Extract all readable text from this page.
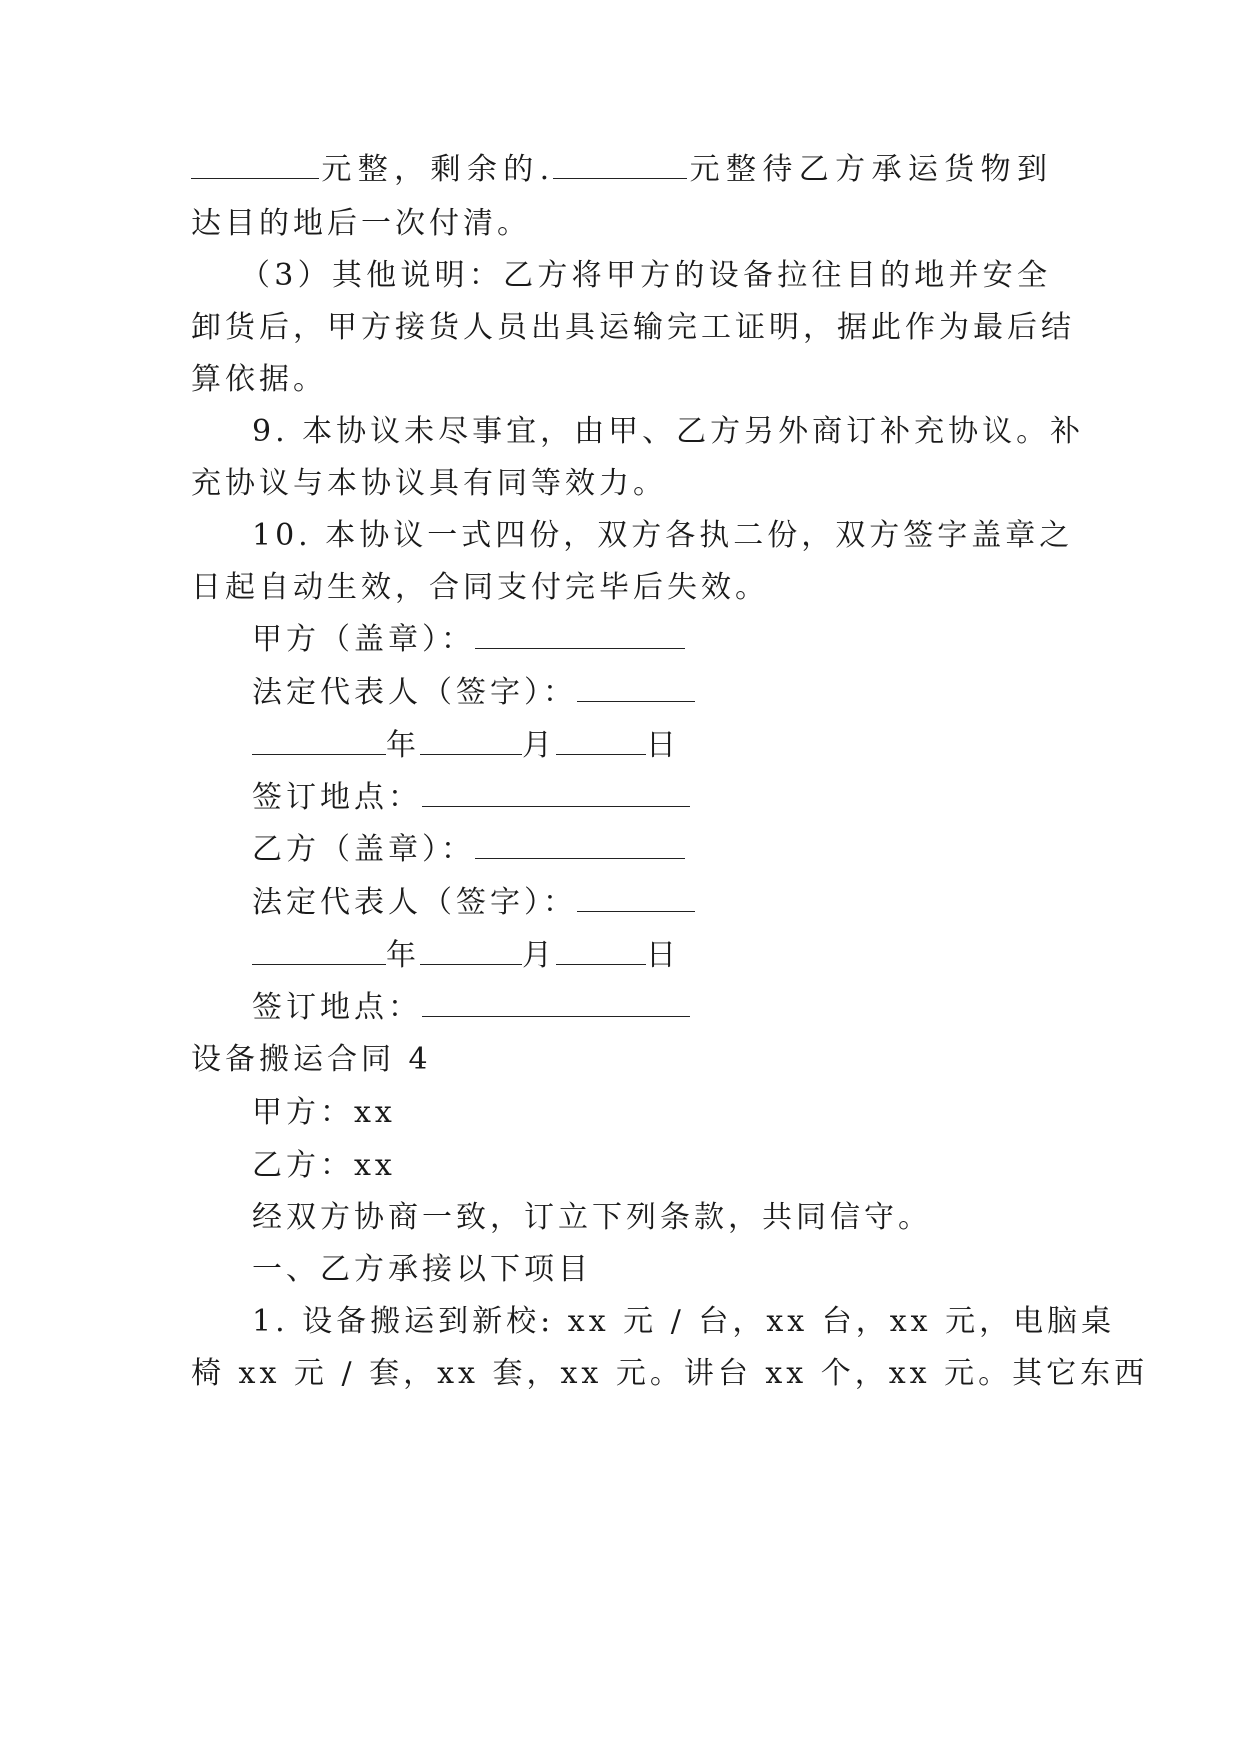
元整，剩余的.	元整待乙方承运货物到
达目的地后一次付清。
（3）其他说明：乙方将甲方的设备拉往目的地并安全
卸货后，甲方接货人员出具运输完工证明，据此作为最后结
算依据。
9. 本协议未尽事宜，由甲、乙方另外商订补充协议。补
充协议与本协议具有同等效力。
10. 本协议一式四份，双方各执二份，双方签字盖章之
日起自动生效，合同支付完毕后失效。
甲方（盖章）：
法定代表人（签字）：
年	月	日
签订地点：
乙方（盖章）：
法定代表人（签字）：
年	月	日
签订地点：
设备搬运合同 4
甲方：xx
乙方：xx
经双方协商一致，订立下列条款，共同信守。
一、乙方承接以下项目
1. 设备搬运到新校: xx 元 / 台，xx 台，xx 元，电脑桌
椅 xx 元 / 套，xx 套，xx 元。讲台 xx 个，xx 元。其它东西
